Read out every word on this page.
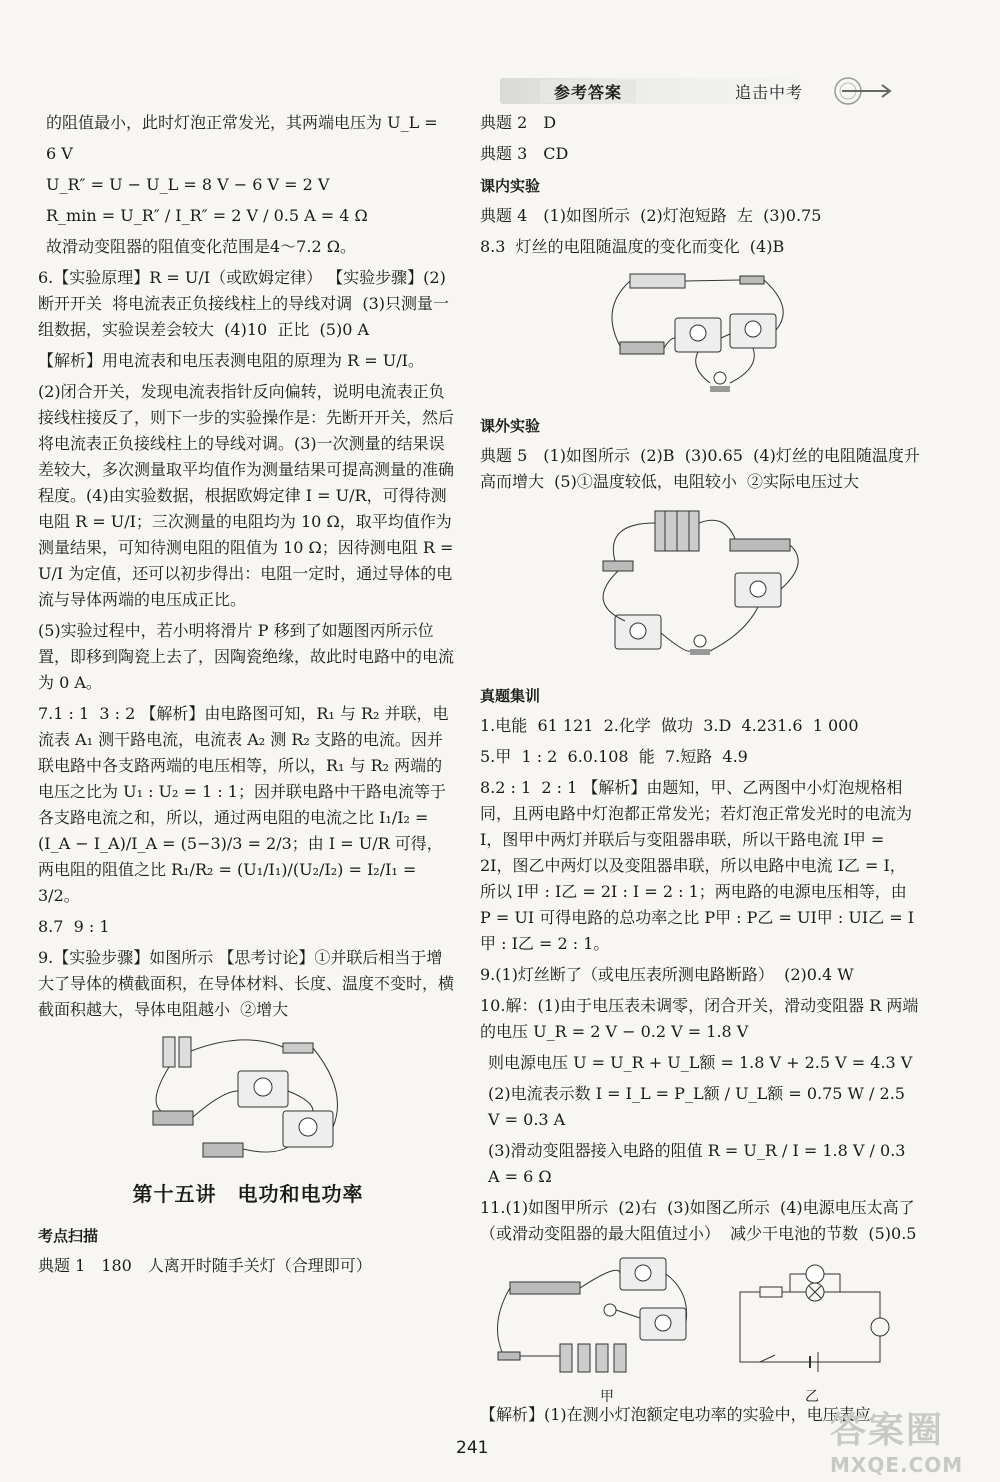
参考答案	追击中考

的阻值最小，此时灯泡正常发光，其两端电压为 U_L =

6 V

U_R″ = U − U_L = 8 V − 6 V = 2 V

R_min = U_R″ / I_R″ = 2 V / 0.5 A = 4 Ω

故滑动变阻器的阻值变化范围是4～7.2 Ω。

6.【实验原理】R = U/I（或欧姆定律） 【实验步骤】(2)断开开关  将电流表正负接线柱上的导线对调  (3)只测量一组数据，实验误差会较大  (4)10  正比  (5)0 A

【解析】用电流表和电压表测电阻的原理为 R = U/I。

(2)闭合开关，发现电流表指针反向偏转，说明电流表正负接线柱接反了，则下一步的实验操作是：先断开开关，然后将电流表正负接线柱上的导线对调。(3)一次测量的结果误差较大，多次测量取平均值作为测量结果可提高测量的准确程度。(4)由实验数据，根据欧姆定律 I = U/R，可得待测电阻 R = U/I；三次测量的电阻均为 10 Ω，取平均值作为测量结果，可知待测电阻的阻值为 10 Ω；因待测电阻 R = U/I 为定值，还可以初步得出：电阻一定时，通过导体的电流与导体两端的电压成正比。

(5)实验过程中，若小明将滑片 P 移到了如题图丙所示位置，即移到陶瓷上去了，因陶瓷绝缘，故此时电路中的电流为 0 A。

7.1 : 1  3 : 2 【解析】由电路图可知，R₁ 与 R₂ 并联，电流表 A₁ 测干路电流，电流表 A₂ 测 R₂ 支路的电流。因并联电路中各支路两端的电压相等，所以，R₁ 与 R₂ 两端的电压之比为 U₁ : U₂ = 1 : 1；因并联电路中干路电流等于各支路电流之和，所以，通过两电阻的电流之比 I₁/I₂ = (I_A − I_A)/I_A = (5−3)/3 = 2/3；由 I = U/R 可得，两电阻的阻值之比 R₁/R₂ = (U₁/I₁)/(U₂/I₂) = I₂/I₁ = 3/2。

8.7  9 : 1

9.【实验步骤】如图所示 【思考讨论】①并联后相当于增大了导体的横截面积，在导体材料、长度、温度不变时，横截面积越大，导体电阻越小  ②增大

第十五讲　电功和电功率
考点扫描

典题 1　180　人离开时随手关灯（合理即可）

典题 2　D

典题 3　CD

课内实验

典题 4　(1)如图所示  (2)灯泡短路  左  (3)0.75

8.3  灯丝的电阻随温度的变化而变化  (4)B

课外实验

典题 5　(1)如图所示  (2)B  (3)0.65  (4)灯丝的电阻随温度升高而增大  (5)①温度较低，电阻较小  ②实际电压过大

真题集训

1.电能  61 121  2.化学  做功  3.D  4.231.6  1 000

5.甲  1 : 2  6.0.108  能  7.短路  4.9

8.2 : 1  2 : 1 【解析】由题知，甲、乙两图中小灯泡规格相同，且两电路中灯泡都正常发光；若灯泡正常发光时的电流为 I，图甲中两灯并联后与变阻器串联，所以干路电流 I甲 = 2I，图乙中两灯以及变阻器串联，所以电路中电流 I乙 = I，所以 I甲 : I乙 = 2I : I = 2 : 1；两电路的电源电压相等，由 P = UI 可得电路的总功率之比 P甲 : P乙 = UI甲 : UI乙 = I甲 : I乙 = 2 : 1。

9.(1)灯丝断了（或电压表所测电路断路）  (2)0.4 W

10.解：(1)由于电压表未调零，闭合开关，滑动变阻器 R 两端的电压 U_R = 2 V − 0.2 V = 1.8 V

则电源电压 U = U_R + U_L额 = 1.8 V + 2.5 V = 4.3 V

(2)电流表示数 I = I_L = P_L额 / U_L额 = 0.75 W / 2.5 V = 0.3 A

(3)滑动变阻器接入电路的阻值 R = U_R / I = 1.8 V / 0.3 A = 6 Ω

11.(1)如图甲所示  (2)右  (3)如图乙所示  (4)电源电压太高了（或滑动变阻器的最大阻值过小）  减少干电池的节数  (5)0.5

甲	乙

【解析】(1)在测小灯泡额定电功率的实验中，电压表应

241	答案圈
MXQE.COM
